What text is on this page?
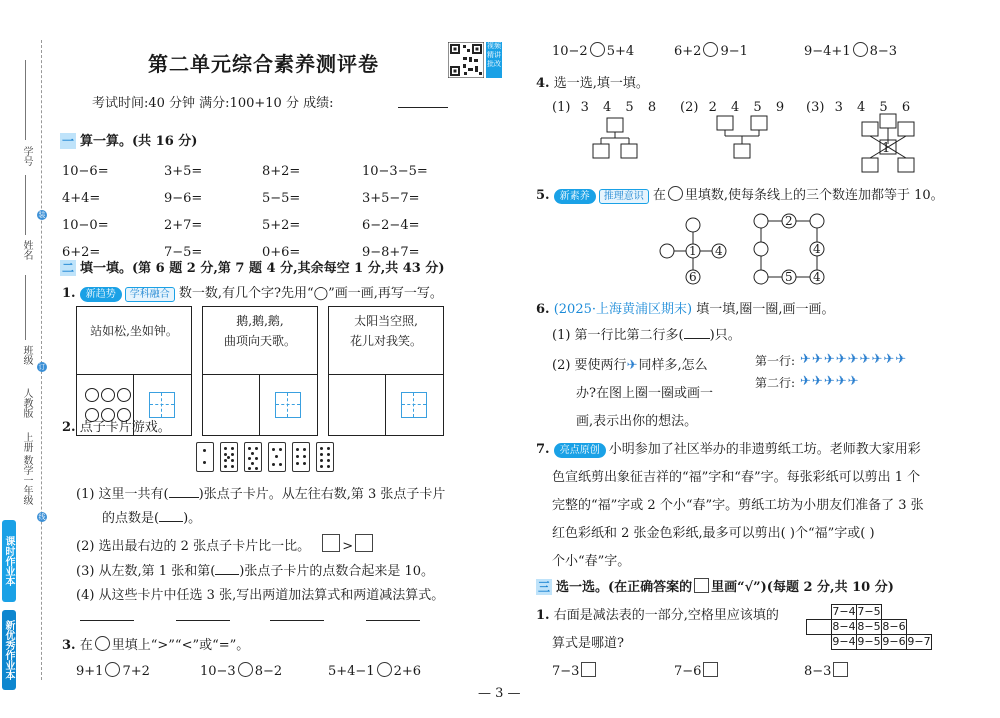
学号
姓名
班级
装
订
线
人教版
上册
数学一年级
课时作业本
新优秀作业本
第二单元综合素养测评卷
视频精讲批改
考试时间:40 分钟 满分:100+10 分 成绩:
一 算一算。(共 16 分)
10−6=	3+5=	8+2=	10−3−5=
4+4=	9−6=	5−5=	3+5−7=
10−0=	2+7=	5+2=	6−2−4=
6+2=	7−5=	0+6=	9−8+7=
二 填一填。(第 6 题 2 分,第 7 题 4 分,其余每空 1 分,共 43 分)
1. 新趋势 学科融合 数一数,有几个字?先用“◯”画一画,再写一写。
站如松,坐如钟。
鹅,鹅,鹅,
曲项向天歌。
太阳当空照,
花儿对我笑。
2. 点子卡片游戏。
(1) 这里一共有( )张点子卡片。从左往右数,第 3 张点子卡片
的点数是( )。
(2) 选出最右边的 2 张点子卡片比一比。 >
(3) 从左数,第 1 张和第( )张点子卡片的点数合起来是 10。
(4) 从这些卡片中任选 3 张,写出两道加法算式和两道减法算式。
3. 在 里填上“>”“<”或“=”。
9+1 7+2	10−3 8−2	5+4−1 2+6
10−2 5+4	6+2 9−1	9−4+1 8−3
4. 选一选,填一填。
(1) 3 4 5 8 (2) 2 4 5 9 (3) 3 4 5 6
1
5. 新素养 推理意识 在 里填数,使每条线上的三个数连加都等于 10。
1 4
6
2
4
4
5
6. (2025·上海黄浦区期末) 填一填,圈一圈,画一画。
(1) 第一行比第二行多( )只。
(2) 要使两行✈同样多,怎么
办?在图上圈一圈或画一
画,表示出你的想法。
第一行: ✈✈✈✈✈✈✈✈✈
第二行: ✈✈✈✈✈
7. 亮点原创 小明参加了社区举办的非遗剪纸工坊。老师教大家用彩
色宣纸剪出象征吉祥的“福”字和“春”字。每张彩纸可以剪出 1 个
完整的“福”字或 2 个小“春”字。剪纸工坊为小朋友们准备了 3 张
红色彩纸和 2 张金色彩纸,最多可以剪出( )个“福”字或( )
个小“春”字。
三 选一选。(在正确答案的 里画“√”)(每题 2 分,共 10 分)
1. 右面是减法表的一部分,空格里应该填的
算式是哪道?
	7−4	7−5		
	8−4	8−5	8−6	
	9−4	9−5	9−6	9−7
7−3	7−6	8−3
— 3 —
